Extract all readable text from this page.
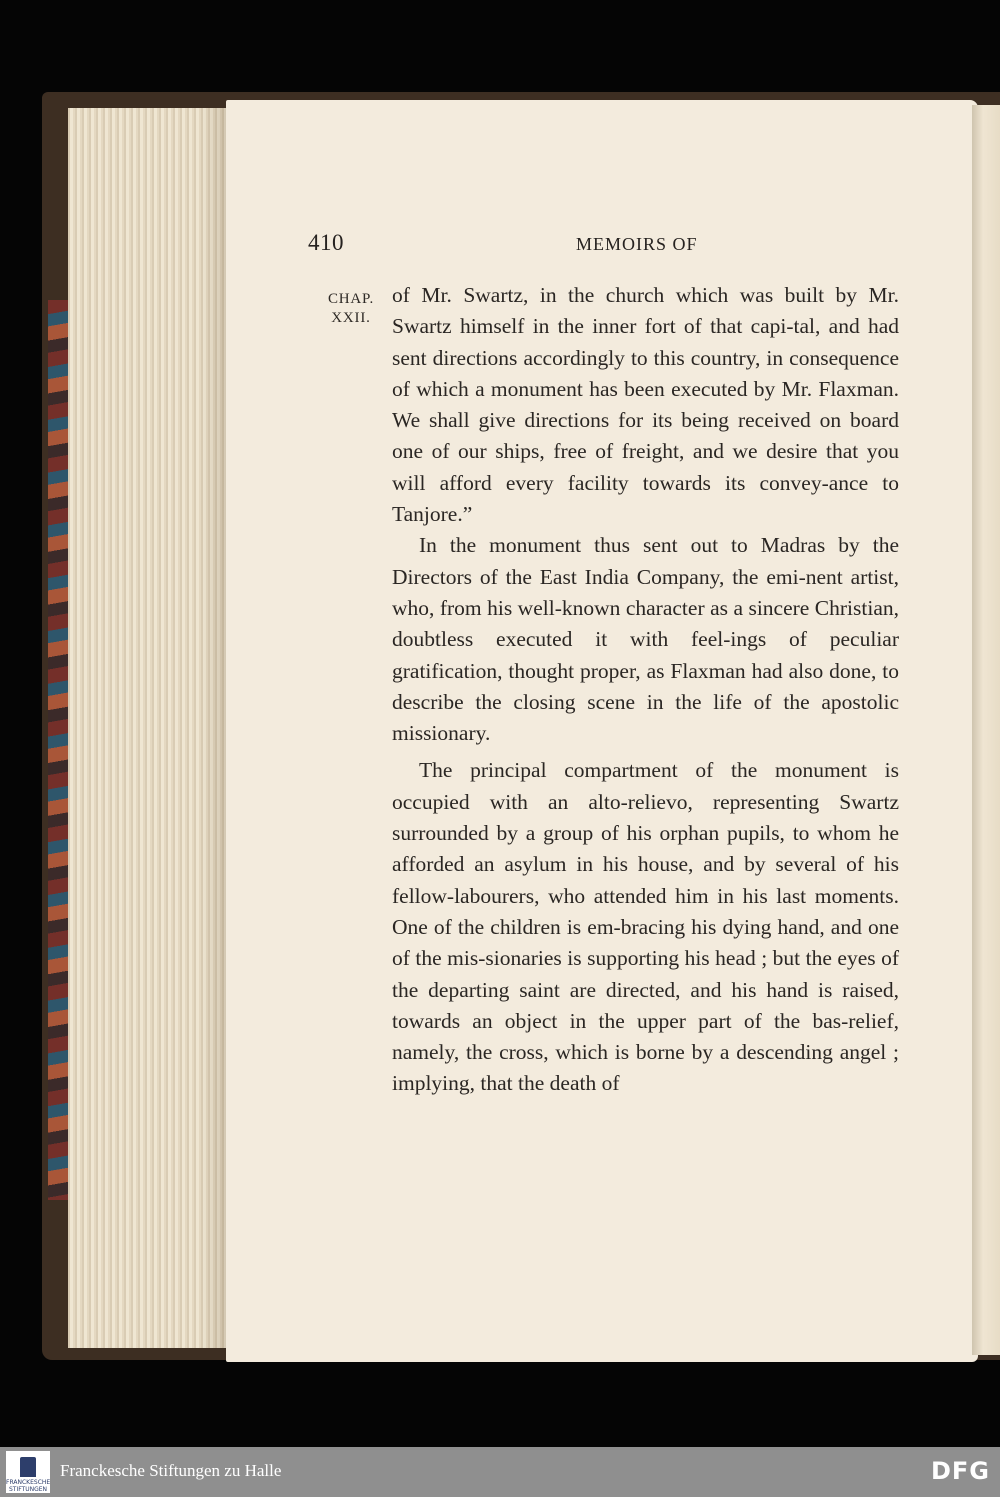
410	MEMOIRS OF
CHAP.
XXII.

of Mr. Swartz, in the church which was built by Mr. Swartz himself in the inner fort of that capi-tal, and had sent directions accordingly to this country, in consequence of which a monument has been executed by Mr. Flaxman. We shall give directions for its being received on board one of our ships, free of freight, and we desire that you will afford every facility towards its convey-ance to Tanjore.”

In the monument thus sent out to Madras by the Directors of the East India Company, the emi-nent artist, who, from his well-known character as a sincere Christian, doubtless executed it with feel-ings of peculiar gratification, thought proper, as Flaxman had also done, to describe the closing scene in the life of the apostolic missionary.

The principal compartment of the monument is occupied with an alto-relievo, representing Swartz surrounded by a group of his orphan pupils, to whom he afforded an asylum in his house, and by several of his fellow-labourers, who attended him in his last moments. One of the children is em-bracing his dying hand, and one of the mis-sionaries is supporting his head ; but the eyes of the departing saint are directed, and his hand is raised, towards an object in the upper part of the bas-relief, namely, the cross, which is borne by a descending angel ; implying, that the death of

FRANCKESCHE STIFTUNGEN
Franckesche Stiftungen zu Halle	DFG
